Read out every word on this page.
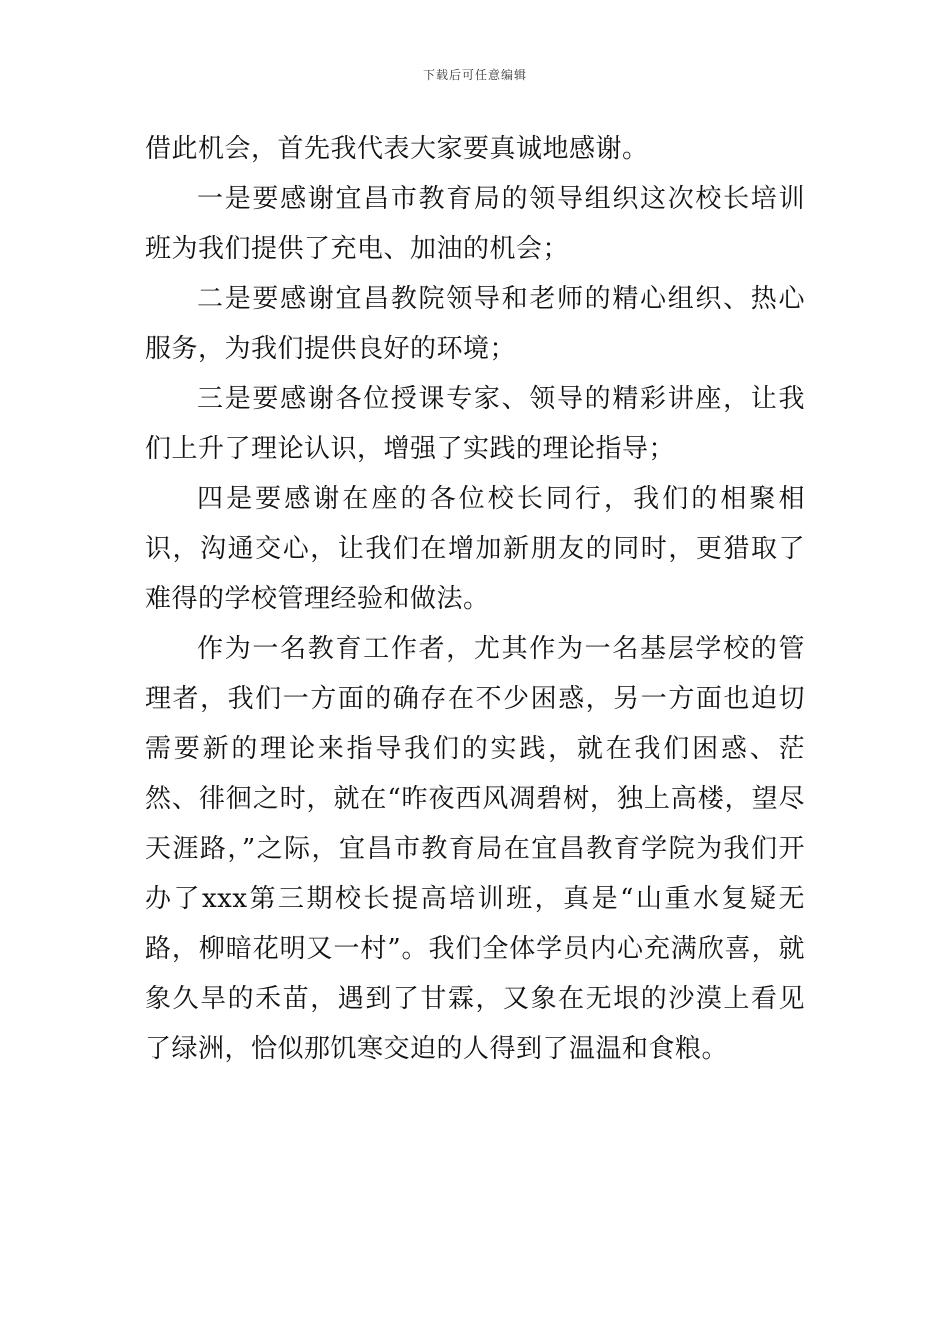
下载后可任意编辑

借此机会，首先我代表大家要真诚地感谢。

一是要感谢宜昌市教育局的领导组织这次校长培训班为我们提供了充电、加油的机会；

二是要感谢宜昌教院领导和老师的精心组织、热心服务，为我们提供良好的环境；

三是要感谢各位授课专家、领导的精彩讲座，让我们上升了理论认识，增强了实践的理论指导；

四是要感谢在座的各位校长同行，我们的相聚相识，沟通交心，让我们在增加新朋友的同时，更猎取了难得的学校管理经验和做法。

作为一名教育工作者，尤其作为一名基层学校的管理者，我们一方面的确存在不少困惑，另一方面也迫切需要新的理论来指导我们的实践，就在我们困惑、茫然、徘徊之时，就在“昨夜西风凋碧树，独上高楼，望尽天涯路，”之际，宜昌市教育局在宜昌教育学院为我们开办了xxx第三期校长提高培训班，真是“山重水复疑无路，柳暗花明又一村”。我们全体学员内心充满欣喜，就象久旱的禾苗，遇到了甘霖，又象在无垠的沙漠上看见了绿洲，恰似那饥寒交迫的人得到了温温和食粮。
